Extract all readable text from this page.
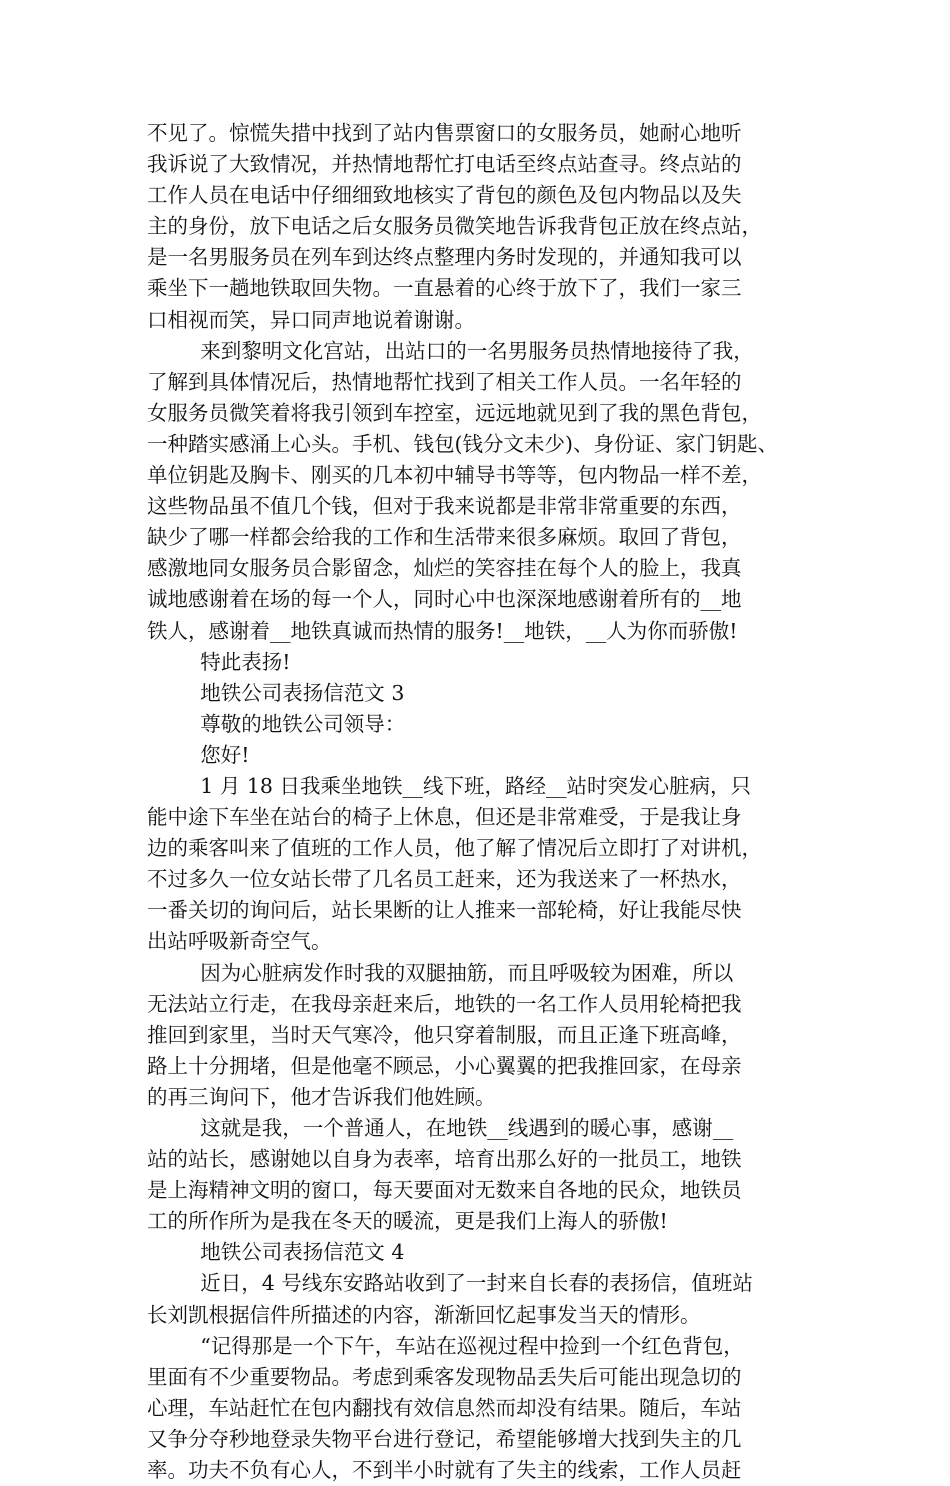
不见了。惊慌失措中找到了站内售票窗口的女服务员，她耐心地听
我诉说了大致情况，并热情地帮忙打电话至终点站查寻。终点站的
工作人员在电话中仔细细致地核实了背包的颜色及包内物品以及失
主的身份，放下电话之后女服务员微笑地告诉我背包正放在终点站，
是一名男服务员在列车到达终点整理内务时发现的，并通知我可以
乘坐下一趟地铁取回失物。一直悬着的心终于放下了，我们一家三
口相视而笑，异口同声地说着谢谢。

来到黎明文化宫站，出站口的一名男服务员热情地接待了我，
了解到具体情况后，热情地帮忙找到了相关工作人员。一名年轻的
女服务员微笑着将我引领到车控室，远远地就见到了我的黑色背包，
一种踏实感涌上心头。手机、钱包(钱分文未少)、身份证、家门钥匙、
单位钥匙及胸卡、刚买的几本初中辅导书等等，包内物品一样不差，
这些物品虽不值几个钱，但对于我来说都是非常非常重要的东西，
缺少了哪一样都会给我的工作和生活带来很多麻烦。取回了背包，
感激地同女服务员合影留念，灿烂的笑容挂在每个人的脸上，我真
诚地感谢着在场的每一个人，同时心中也深深地感谢着所有的__地
铁人，感谢着__地铁真诚而热情的服务!__地铁，__人为你而骄傲!

特此表扬!

地铁公司表扬信范文 3

尊敬的地铁公司领导：

您好!

1 月 18 日我乘坐地铁__线下班，路经__站时突发心脏病，只
能中途下车坐在站台的椅子上休息，但还是非常难受，于是我让身
边的乘客叫来了值班的工作人员，他了解了情况后立即打了对讲机，
不过多久一位女站长带了几名员工赶来，还为我送来了一杯热水，
一番关切的询问后，站长果断的让人推来一部轮椅，好让我能尽快
出站呼吸新奇空气。

因为心脏病发作时我的双腿抽筋，而且呼吸较为困难，所以
无法站立行走，在我母亲赶来后，地铁的一名工作人员用轮椅把我
推回到家里，当时天气寒冷，他只穿着制服，而且正逢下班高峰，
路上十分拥堵，但是他毫不顾忌，小心翼翼的把我推回家，在母亲
的再三询问下，他才告诉我们他姓顾。

这就是我，一个普通人，在地铁__线遇到的暖心事，感谢__
站的站长，感谢她以自身为表率，培育出那么好的一批员工，地铁
是上海精神文明的窗口，每天要面对无数来自各地的民众，地铁员
工的所作所为是我在冬天的暖流，更是我们上海人的骄傲!

地铁公司表扬信范文 4

近日，4 号线东安路站收到了一封来自长春的表扬信，值班站
长刘凯根据信件所描述的内容，渐渐回忆起事发当天的情形。

“记得那是一个下午，车站在巡视过程中捡到一个红色背包，
里面有不少重要物品。考虑到乘客发现物品丢失后可能出现急切的
心理，车站赶忙在包内翻找有效信息然而却没有结果。随后，车站
又争分夺秒地登录失物平台进行登记，希望能够增大找到失主的几
率。功夫不负有心人，不到半小时就有了失主的线索，工作人员赶
